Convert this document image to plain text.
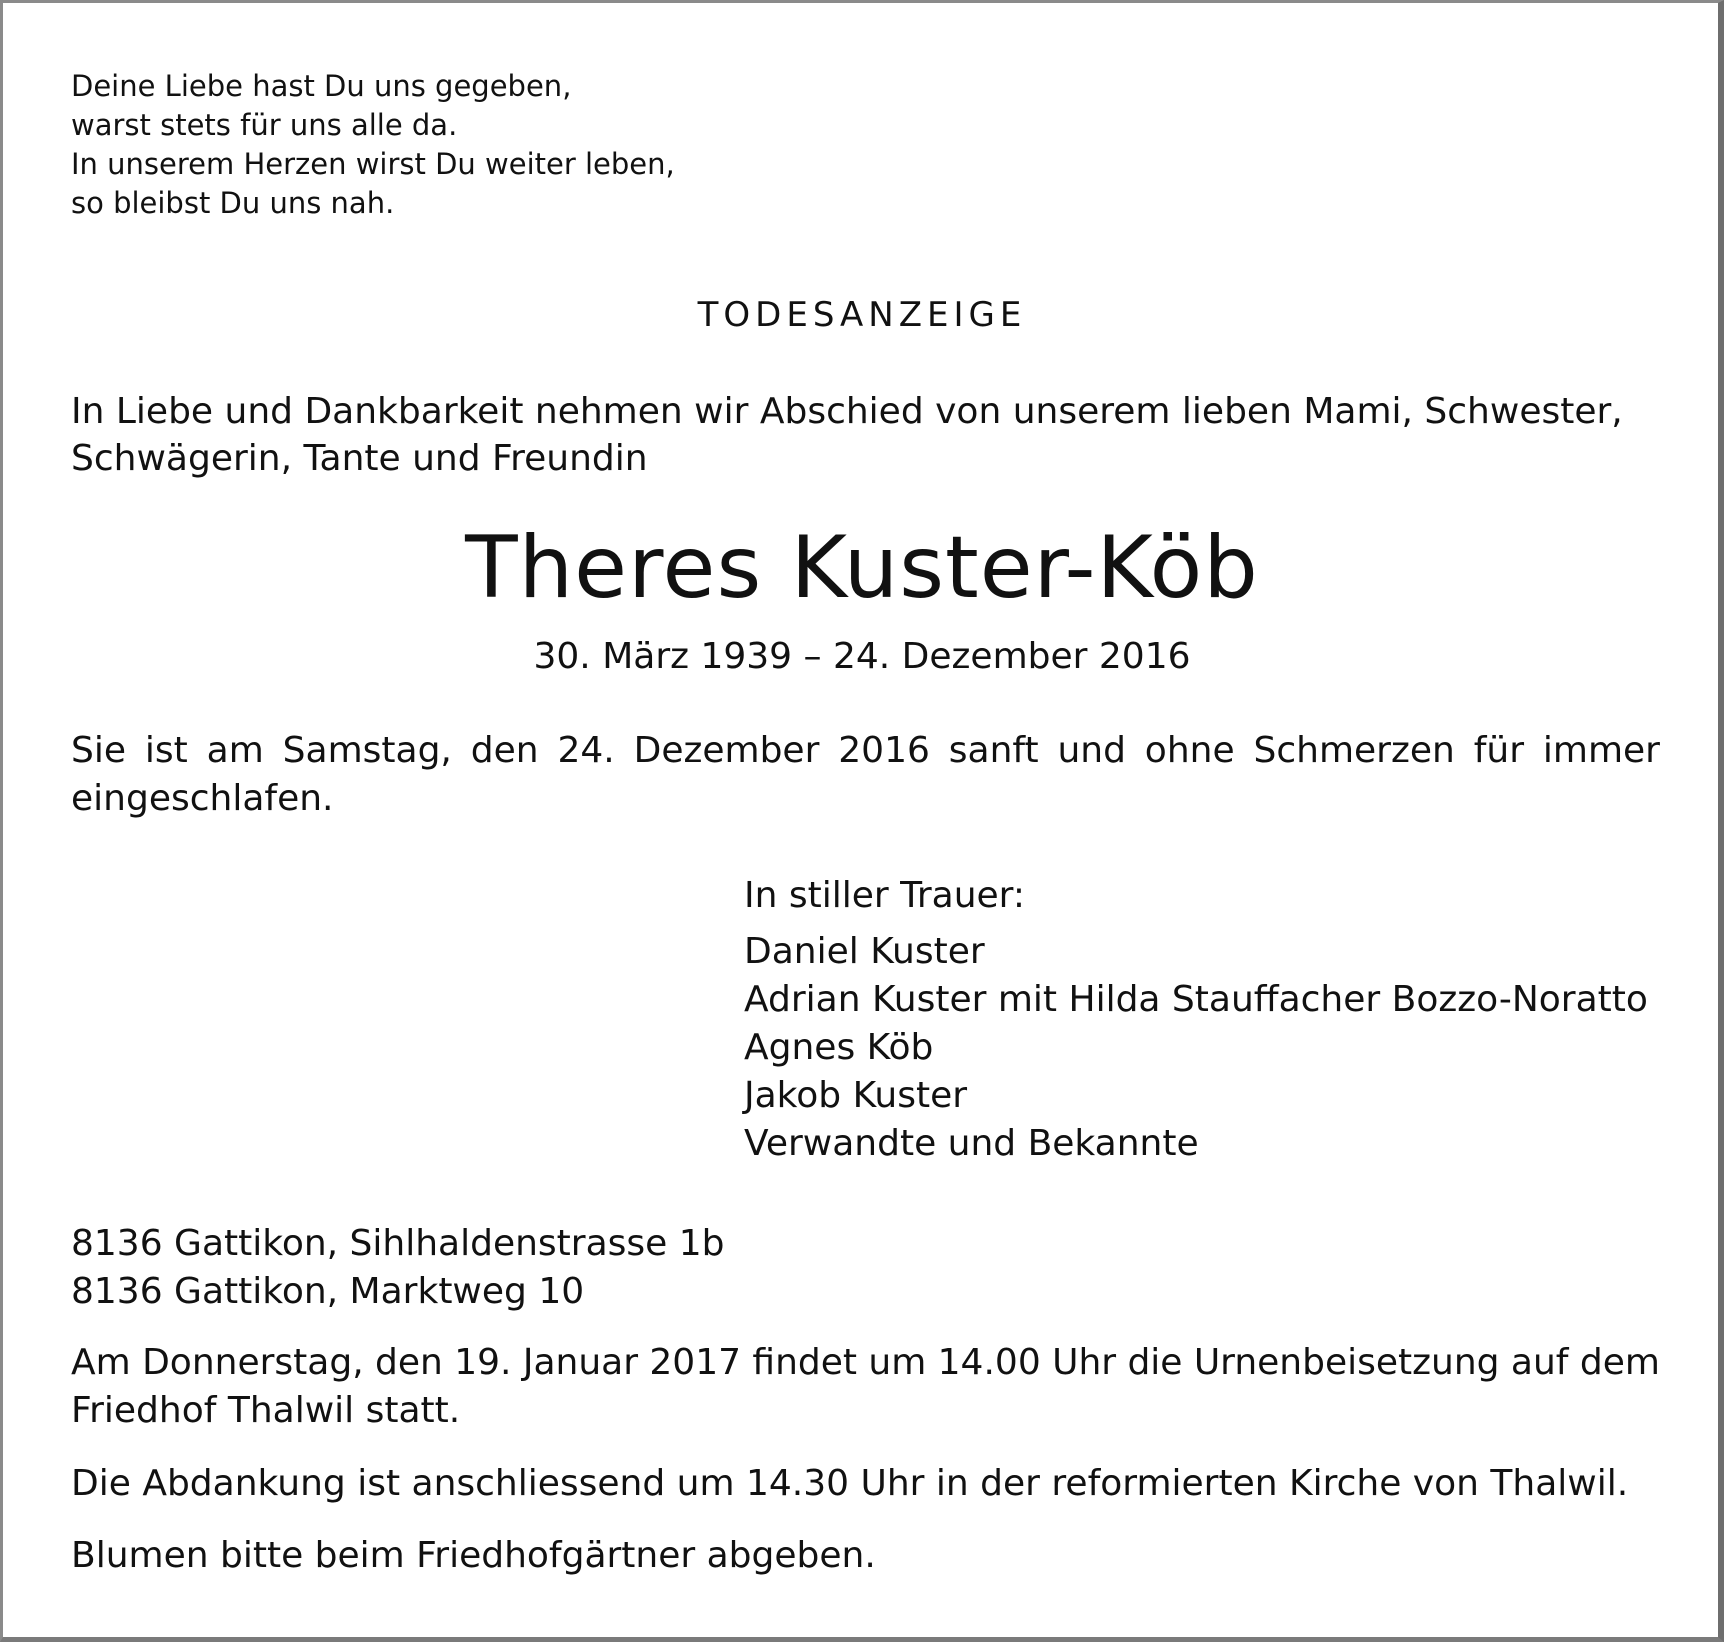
Deine Liebe hast Du uns gegeben,
warst stets für uns alle da.
In unserem Herzen wirst Du weiter leben,
so bleibst Du uns nah.
TODESANZEIGE
In Liebe und Dankbarkeit nehmen wir Abschied von unserem lieben Mami, Schwester,
Schwägerin, Tante und Freundin
Theres Kuster-Köb
30. März 1939 – 24. Dezember 2016
Sie ist am Samstag, den 24. Dezember 2016 sanft und ohne Schmerzen für immer
eingeschlafen.
In stiller Trauer:
Daniel Kuster
Adrian Kuster mit Hilda Stauffacher Bozzo-Noratto
Agnes Köb
Jakob Kuster
Verwandte und Bekannte
8136 Gattikon, Sihlhaldenstrasse 1b
8136 Gattikon, Marktweg 10
Am Donnerstag, den 19. Januar 2017 findet um 14.00 Uhr die Urnenbeisetzung auf dem
Friedhof Thalwil statt.
Die Abdankung ist anschliessend um 14.30 Uhr in der reformierten Kirche von Thalwil.
Blumen bitte beim Friedhofgärtner abgeben.
